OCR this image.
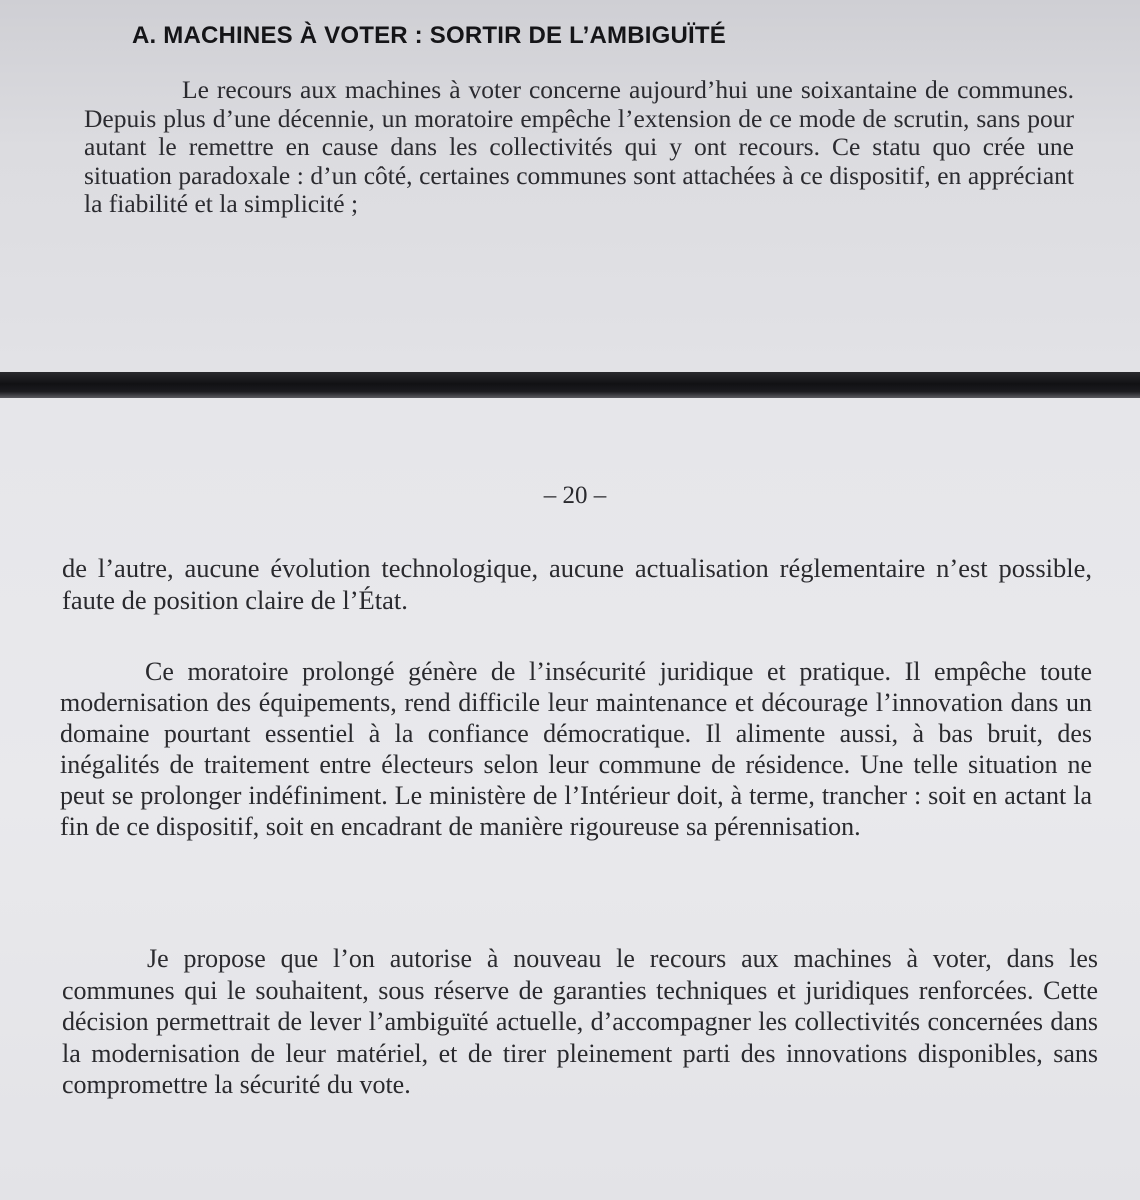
A. MACHINES À VOTER : SORTIR DE L’AMBIGUÏTÉ

Le recours aux machines à voter concerne aujourd’hui une soixantaine de communes. Depuis plus d’une décennie, un moratoire empêche l’extension de ce mode de scrutin, sans pour autant le remettre en cause dans les collectivités qui y ont recours. Ce statu quo crée une situation paradoxale : d’un côté, certaines communes sont attachées à ce dispositif, en appréciant la fiabilité et la simplicité ;

– 20 –

de l’autre, aucune évolution technologique, aucune actualisation réglementaire n’est possible, faute de position claire de l’État.

Ce moratoire prolongé génère de l’insécurité juridique et pratique. Il empêche toute modernisation des équipements, rend difficile leur maintenance et décourage l’innovation dans un domaine pourtant essentiel à la confiance démocratique. Il alimente aussi, à bas bruit, des inégalités de traitement entre électeurs selon leur commune de résidence. Une telle situation ne peut se prolonger indéfiniment. Le ministère de l’Intérieur doit, à terme, trancher : soit en actant la fin de ce dispositif, soit en encadrant de manière rigoureuse sa pérennisation.

Je propose que l’on autorise à nouveau le recours aux machines à voter, dans les communes qui le souhaitent, sous réserve de garanties techniques et juridiques renforcées. Cette décision permettrait de lever l’ambiguïté actuelle, d’accompagner les collectivités concernées dans la modernisation de leur matériel, et de tirer pleinement parti des innovations disponibles, sans compromettre la sécurité du vote.
